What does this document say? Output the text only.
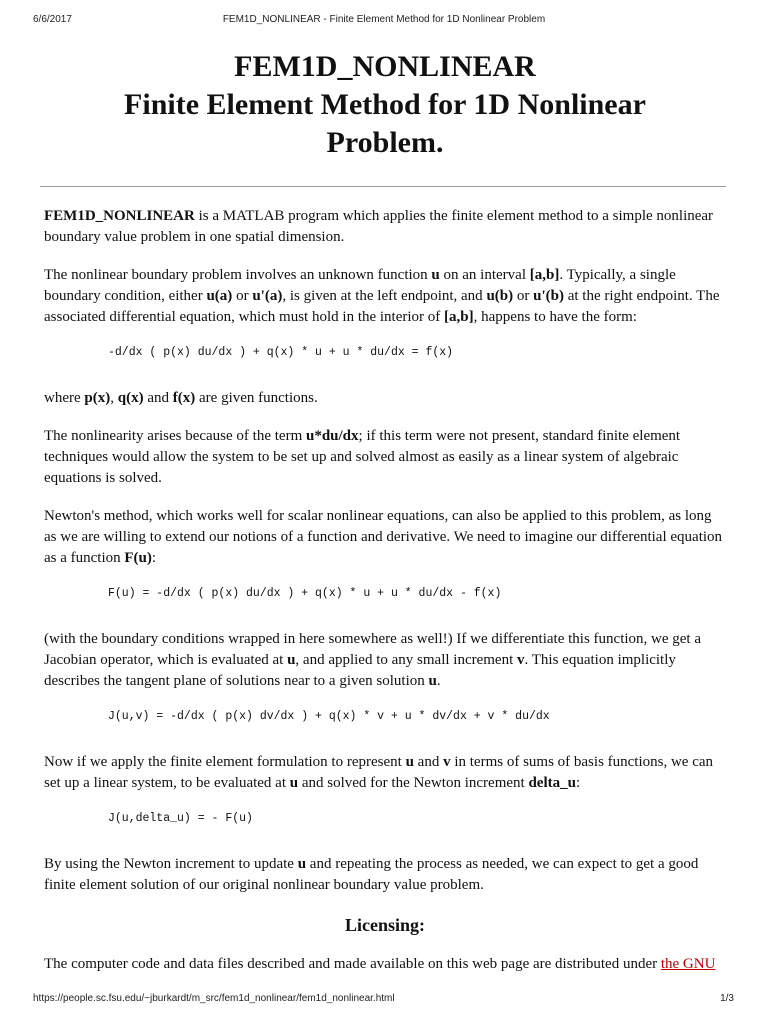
6/6/2017	FEM1D_NONLINEAR - Finite Element Method for 1D Nonlinear Problem
FEM1D_NONLINEAR
Finite Element Method for 1D Nonlinear
Problem.

FEM1D_NONLINEAR is a MATLAB program which applies the finite element method to a simple nonlinear boundary value problem in one spatial dimension.

The nonlinear boundary problem involves an unknown function u on an interval [a,b]. Typically, a single boundary condition, either u(a) or u'(a), is given at the left endpoint, and u(b) or u'(b) at the right endpoint. The associated differential equation, which must hold in the interior of [a,b], happens to have the form:

-d/dx ( p(x) du/dx ) + q(x) * u + u * du/dx = f(x)

where p(x), q(x) and f(x) are given functions.

The nonlinearity arises because of the term u*du/dx; if this term were not present, standard finite element techniques would allow the system to be set up and solved almost as easily as a linear system of algebraic equations is solved.

Newton's method, which works well for scalar nonlinear equations, can also be applied to this problem, as long as we are willing to extend our notions of a function and derivative. We need to imagine our differential equation as a function F(u):

F(u) = -d/dx ( p(x) du/dx ) + q(x) * u + u * du/dx - f(x)

(with the boundary conditions wrapped in here somewhere as well!) If we differentiate this function, we get a Jacobian operator, which is evaluated at u, and applied to any small increment v. This equation implicitly describes the tangent plane of solutions near to a given solution u.

J(u,v) = -d/dx ( p(x) dv/dx ) + q(x) * v + u * dv/dx + v * du/dx

Now if we apply the finite element formulation to represent u and v in terms of sums of basis functions, we can set up a linear system, to be evaluated at u and solved for the Newton increment delta_u:

J(u,delta_u) = - F(u)

By using the Newton increment to update u and repeating the process as needed, we can expect to get a good finite element solution of our original nonlinear boundary value problem.

Licensing:

The computer code and data files described and made available on this web page are distributed under the GNU

https://people.sc.fsu.edu/~jburkardt/m_src/fem1d_nonlinear/fem1d_nonlinear.html	1/3
